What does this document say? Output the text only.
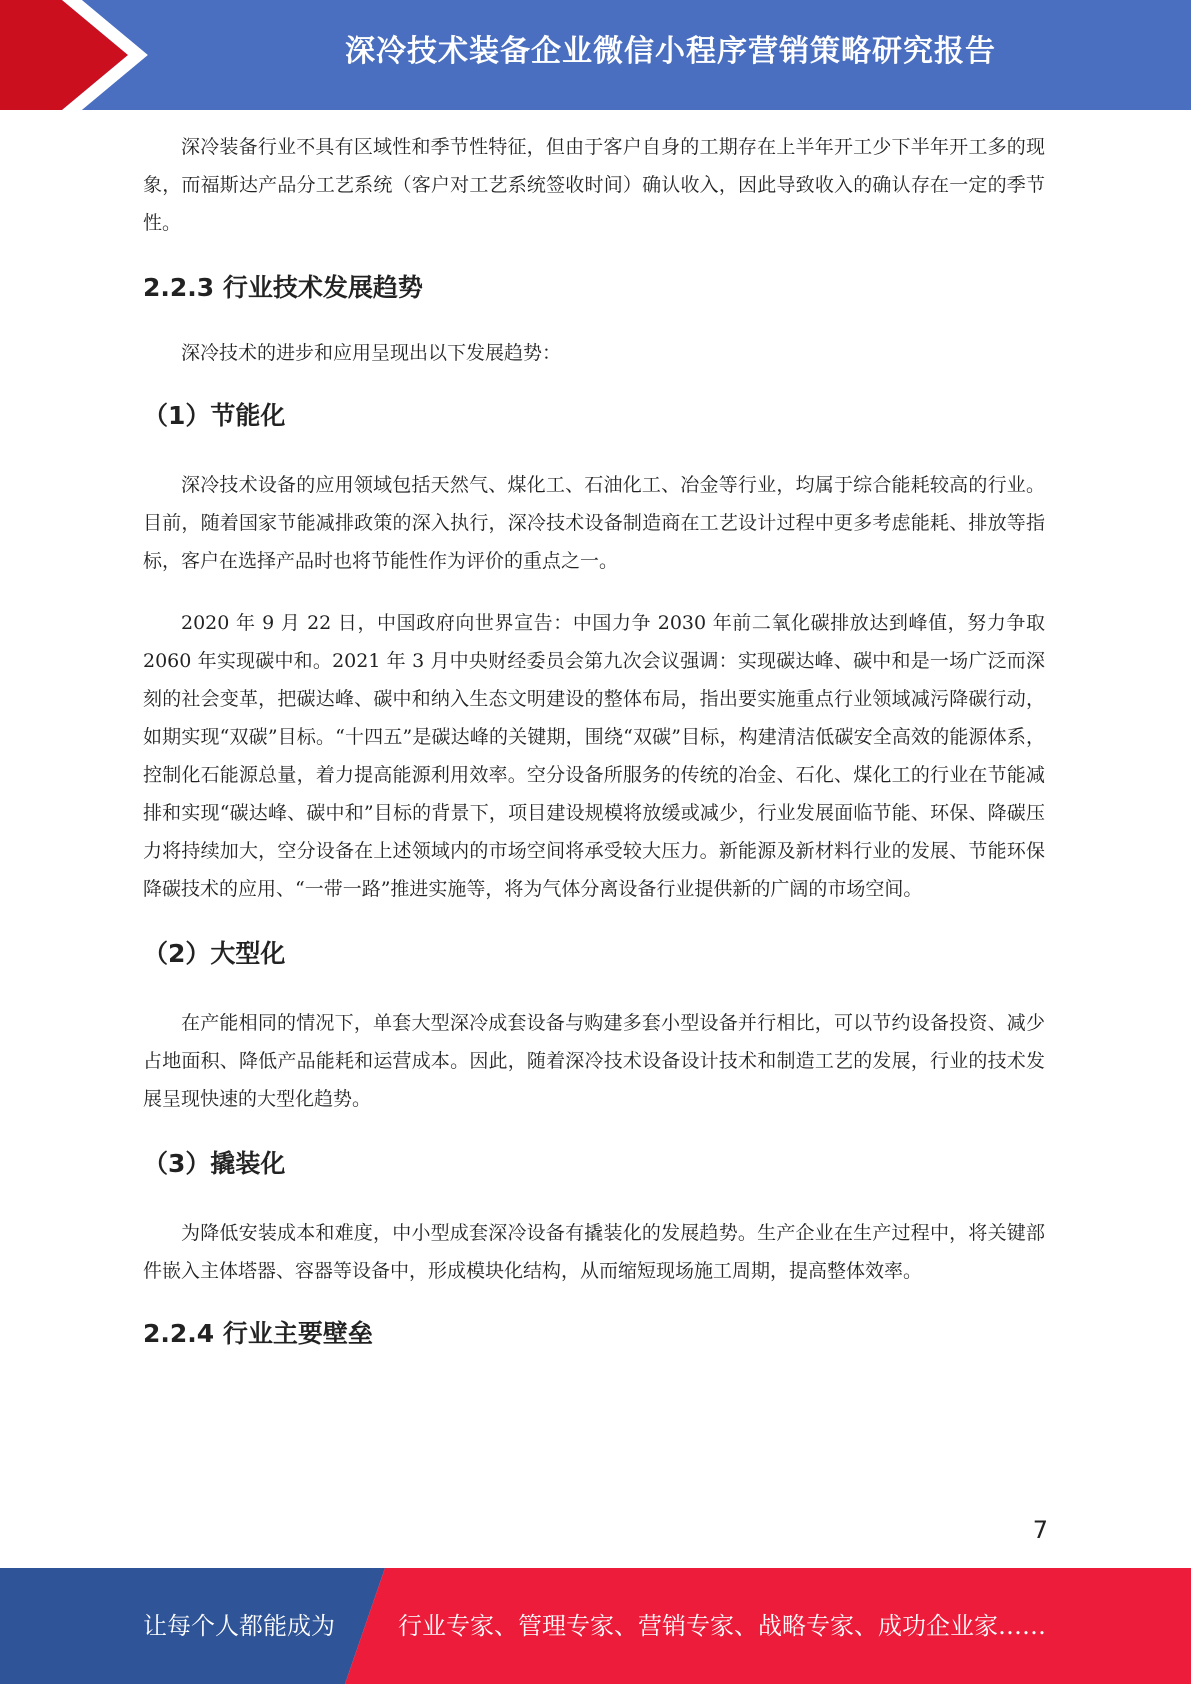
深冷技术装备企业微信小程序营销策略研究报告

深冷装备行业不具有区域性和季节性特征，但由于客户自身的工期存在上半年开工少下半年开工多的现象，而福斯达产品分工艺系统（客户对工艺系统签收时间）确认收入，因此导致收入的确认存在一定的季节性。

2.2.3 行业技术发展趋势

深冷技术的进步和应用呈现出以下发展趋势：

（1）节能化

深冷技术设备的应用领域包括天然气、煤化工、石油化工、冶金等行业，均属于综合能耗较高的行业。目前，随着国家节能减排政策的深入执行，深冷技术设备制造商在工艺设计过程中更多考虑能耗、排放等指标，客户在选择产品时也将节能性作为评价的重点之一。

2020 年 9 月 22 日，中国政府向世界宣告：中国力争 2030 年前二氧化碳排放达到峰值，努力争取 2060 年实现碳中和。2021 年 3 月中央财经委员会第九次会议强调：实现碳达峰、碳中和是一场广泛而深刻的社会变革，把碳达峰、碳中和纳入生态文明建设的整体布局，指出要实施重点行业领域减污降碳行动，如期实现“双碳”目标。“十四五”是碳达峰的关键期，围绕“双碳”目标，构建清洁低碳安全高效的能源体系，控制化石能源总量，着力提高能源利用效率。空分设备所服务的传统的冶金、石化、煤化工的行业在节能减排和实现“碳达峰、碳中和”目标的背景下，项目建设规模将放缓或减少，行业发展面临节能、环保、降碳压力将持续加大，空分设备在上述领域内的市场空间将承受较大压力。新能源及新材料行业的发展、节能环保降碳技术的应用、“一带一路”推进实施等，将为气体分离设备行业提供新的广阔的市场空间。

（2）大型化

在产能相同的情况下，单套大型深冷成套设备与购建多套小型设备并行相比，可以节约设备投资、减少占地面积、降低产品能耗和运营成本。因此，随着深冷技术设备设计技术和制造工艺的发展，行业的技术发展呈现快速的大型化趋势。

（3）撬装化

为降低安装成本和难度，中小型成套深冷设备有撬装化的发展趋势。生产企业在生产过程中，将关键部件嵌入主体塔器、容器等设备中，形成模块化结构，从而缩短现场施工周期，提高整体效率。

2.2.4 行业主要壁垒
7
让每个人都能成为	行业专家、管理专家、营销专家、战略专家、成功企业家……
